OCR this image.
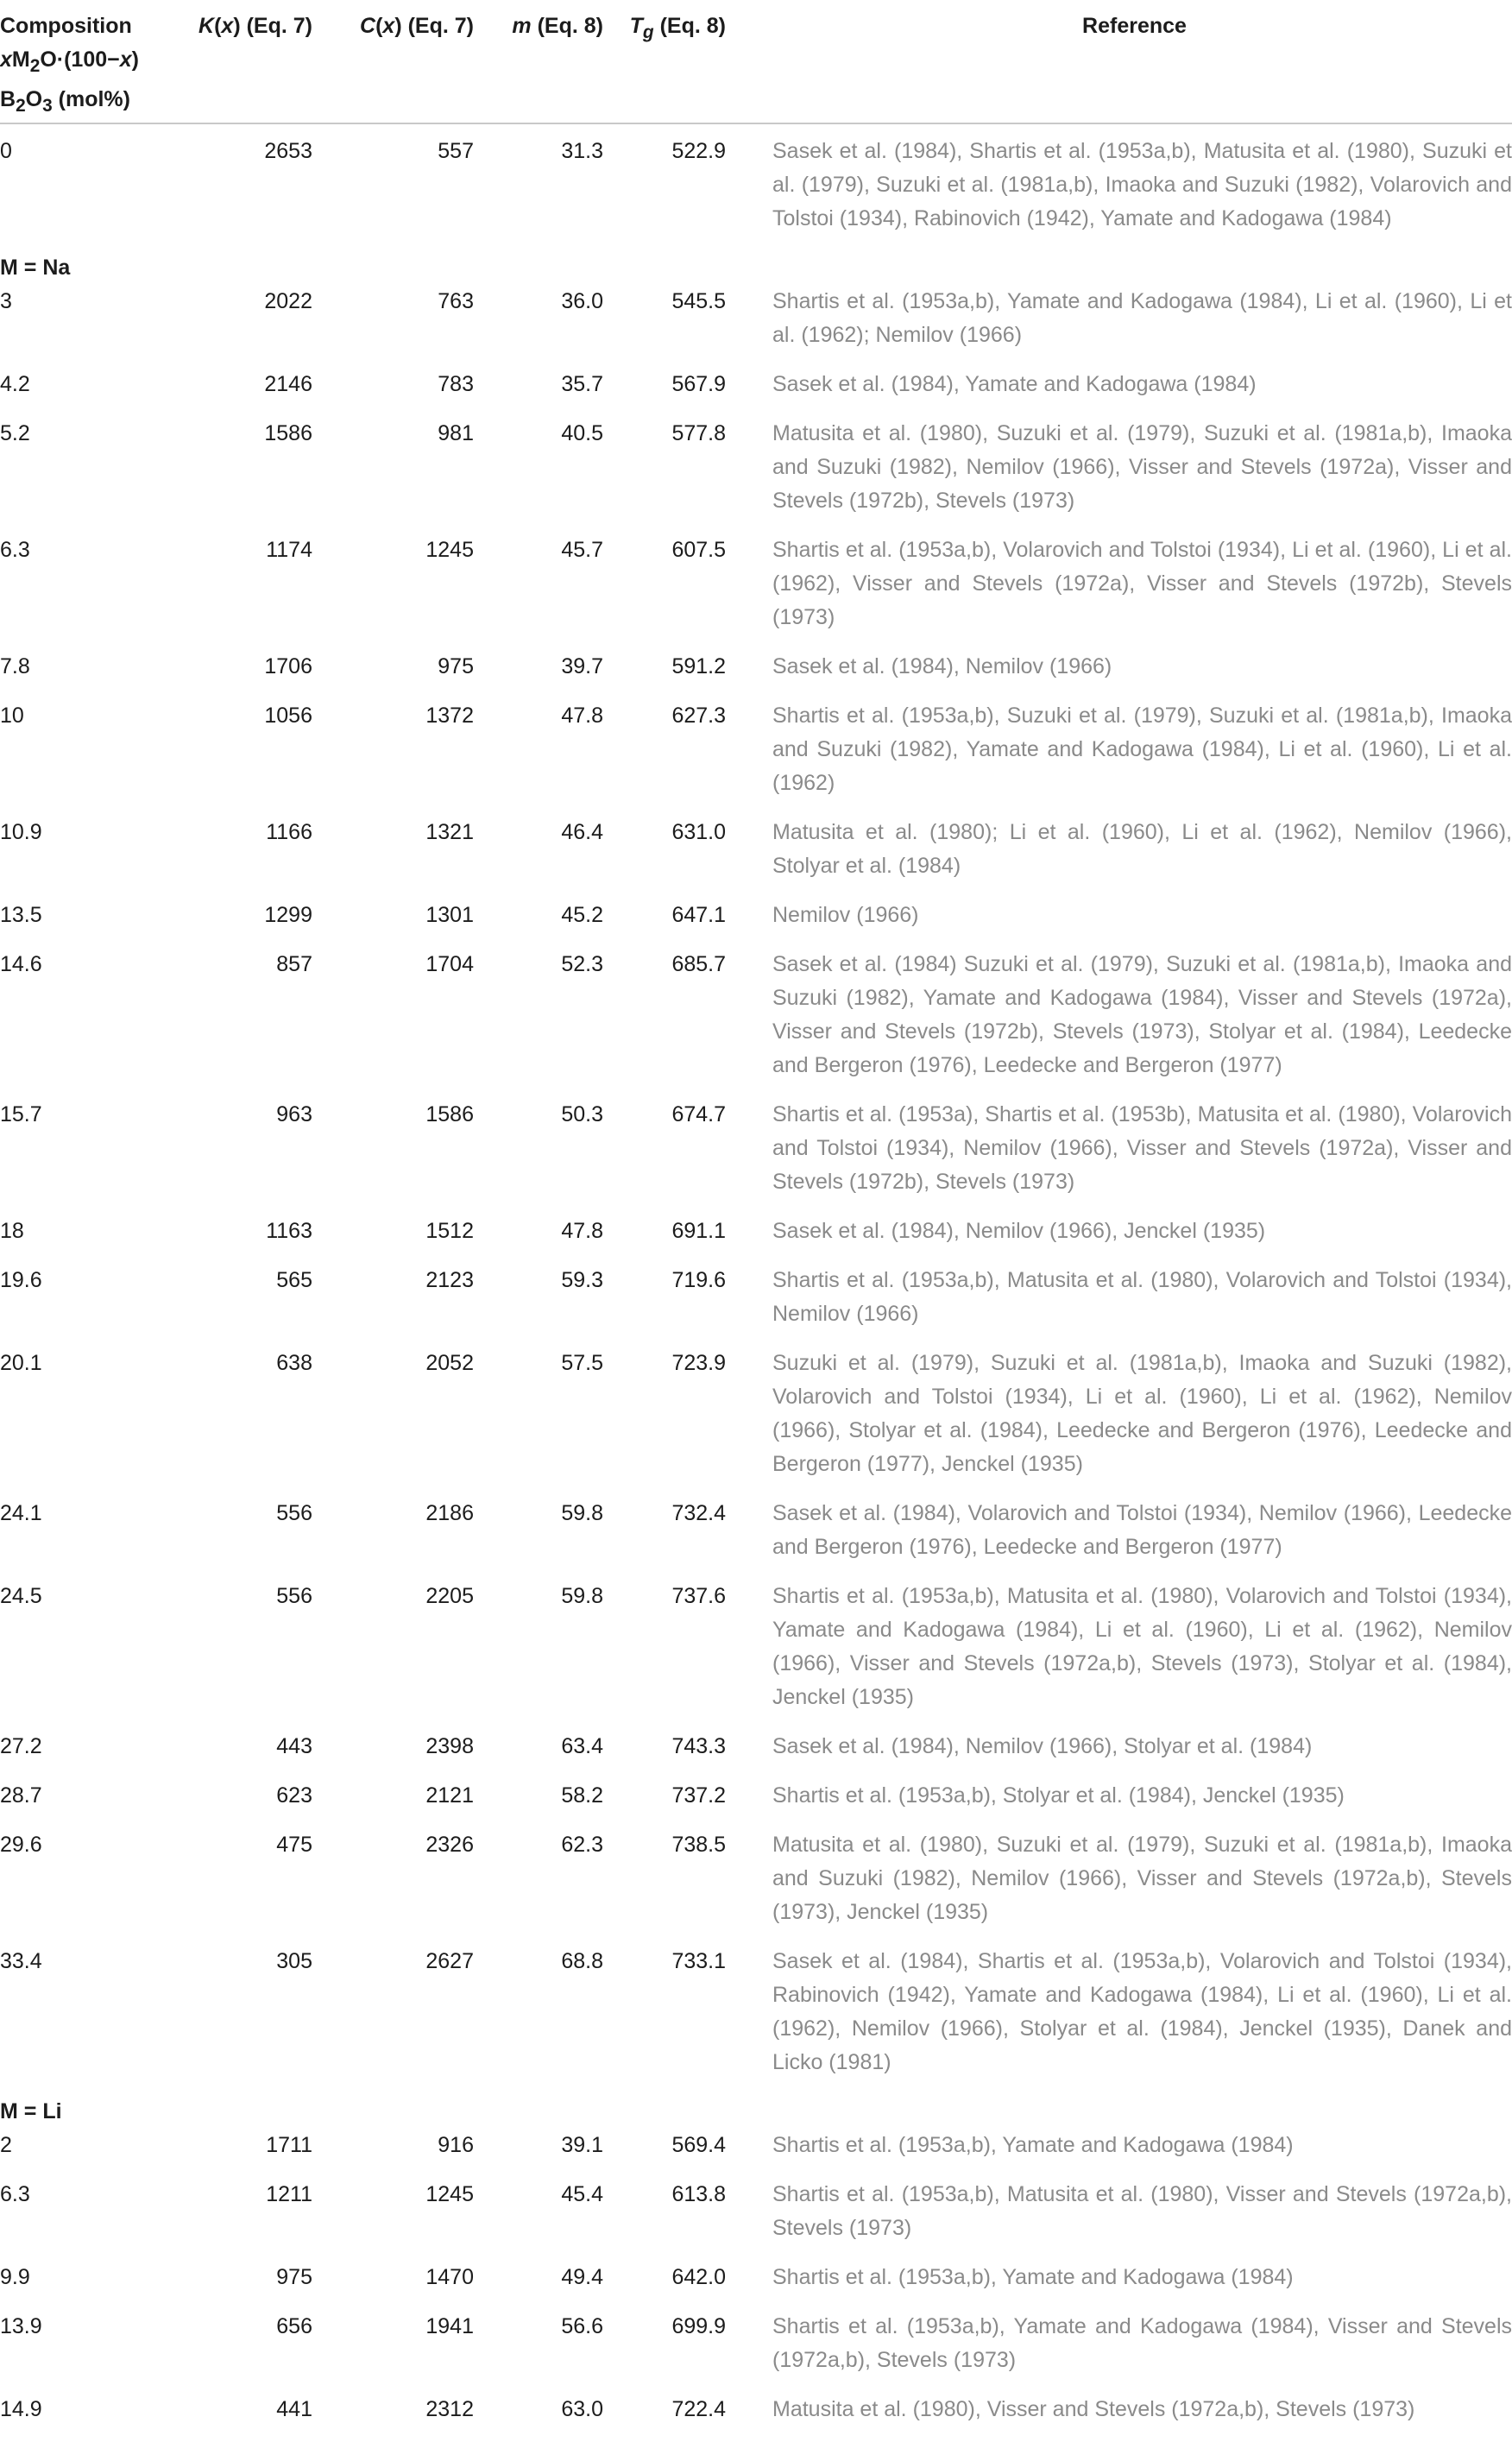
Composition
$xM_2O\cdot(100-x)$
$B_2O_3$ (mol%)	K(x) (Eq. 7)	C(x) (Eq. 7)	m (Eq. 8)	$T_g$ (Eq. 8)	Reference

0	2653	557	31.3	522.9	Sasek et al. (1984), Shartis et al. (1953a,b), Matusita et al. (1980), Suzuki et al. (1979), Suzuki et al. (1981a,b), Imaoka and Suzuki (1982), Volarovich and Tolstoi (1934), Rabinovich (1942), Yamate and Kadogawa (1984)
M = Na					
3	2022	763	36.0	545.5	Shartis et al. (1953a,b), Yamate and Kadogawa (1984), Li et al. (1960), Li et al. (1962); Nemilov (1966)
4.2	2146	783	35.7	567.9	Sasek et al. (1984), Yamate and Kadogawa (1984)
5.2	1586	981	40.5	577.8	Matusita et al. (1980), Suzuki et al. (1979), Suzuki et al. (1981a,b), Imaoka and Suzuki (1982), Nemilov (1966), Visser and Stevels (1972a), Visser and Stevels (1972b), Stevels (1973)
6.3	1174	1245	45.7	607.5	Shartis et al. (1953a,b), Volarovich and Tolstoi (1934), Li et al. (1960), Li et al. (1962), Visser and Stevels (1972a), Visser and Stevels (1972b), Stevels (1973)
7.8	1706	975	39.7	591.2	Sasek et al. (1984), Nemilov (1966)
10	1056	1372	47.8	627.3	Shartis et al. (1953a,b), Suzuki et al. (1979), Suzuki et al. (1981a,b), Imaoka and Suzuki (1982), Yamate and Kadogawa (1984), Li et al. (1960), Li et al. (1962)
10.9	1166	1321	46.4	631.0	Matusita et al. (1980); Li et al. (1960), Li et al. (1962), Nemilov (1966), Stolyar et al. (1984)
13.5	1299	1301	45.2	647.1	Nemilov (1966)
14.6	857	1704	52.3	685.7	Sasek et al. (1984) Suzuki et al. (1979), Suzuki et al. (1981a,b), Imaoka and Suzuki (1982), Yamate and Kadogawa (1984), Visser and Stevels (1972a), Visser and Stevels (1972b), Stevels (1973), Stolyar et al. (1984), Leedecke and Bergeron (1976), Leedecke and Bergeron (1977)
15.7	963	1586	50.3	674.7	Shartis et al. (1953a), Shartis et al. (1953b), Matusita et al. (1980), Volarovich and Tolstoi (1934), Nemilov (1966), Visser and Stevels (1972a), Visser and Stevels (1972b), Stevels (1973)
18	1163	1512	47.8	691.1	Sasek et al. (1984), Nemilov (1966), Jenckel (1935)
19.6	565	2123	59.3	719.6	Shartis et al. (1953a,b), Matusita et al. (1980), Volarovich and Tolstoi (1934), Nemilov (1966)
20.1	638	2052	57.5	723.9	Suzuki et al. (1979), Suzuki et al. (1981a,b), Imaoka and Suzuki (1982), Volarovich and Tolstoi (1934), Li et al. (1960), Li et al. (1962), Nemilov (1966), Stolyar et al. (1984), Leedecke and Bergeron (1976), Leedecke and Bergeron (1977), Jenckel (1935)
24.1	556	2186	59.8	732.4	Sasek et al. (1984), Volarovich and Tolstoi (1934), Nemilov (1966), Leedecke and Bergeron (1976), Leedecke and Bergeron (1977)
24.5	556	2205	59.8	737.6	Shartis et al. (1953a,b), Matusita et al. (1980), Volarovich and Tolstoi (1934), Yamate and Kadogawa (1984), Li et al. (1960), Li et al. (1962), Nemilov (1966), Visser and Stevels (1972a,b), Stevels (1973), Stolyar et al. (1984), Jenckel (1935)
27.2	443	2398	63.4	743.3	Sasek et al. (1984), Nemilov (1966), Stolyar et al. (1984)
28.7	623	2121	58.2	737.2	Shartis et al. (1953a,b), Stolyar et al. (1984), Jenckel (1935)
29.6	475	2326	62.3	738.5	Matusita et al. (1980), Suzuki et al. (1979), Suzuki et al. (1981a,b), Imaoka and Suzuki (1982), Nemilov (1966), Visser and Stevels (1972a,b), Stevels (1973), Jenckel (1935)
33.4	305	2627	68.8	733.1	Sasek et al. (1984), Shartis et al. (1953a,b), Volarovich and Tolstoi (1934), Rabinovich (1942), Yamate and Kadogawa (1984), Li et al. (1960), Li et al. (1962), Nemilov (1966), Stolyar et al. (1984), Jenckel (1935), Danek and Licko (1981)
M = Li					
2	1711	916	39.1	569.4	Shartis et al. (1953a,b), Yamate and Kadogawa (1984)
6.3	1211	1245	45.4	613.8	Shartis et al. (1953a,b), Matusita et al. (1980), Visser and Stevels (1972a,b), Stevels (1973)
9.9	975	1470	49.4	642.0	Shartis et al. (1953a,b), Yamate and Kadogawa (1984)
13.9	656	1941	56.6	699.9	Shartis et al. (1953a,b), Yamate and Kadogawa (1984), Visser and Stevels (1972a,b), Stevels (1973)
14.9	441	2312	63.0	722.4	Matusita et al. (1980), Visser and Stevels (1972a,b), Stevels (1973)
